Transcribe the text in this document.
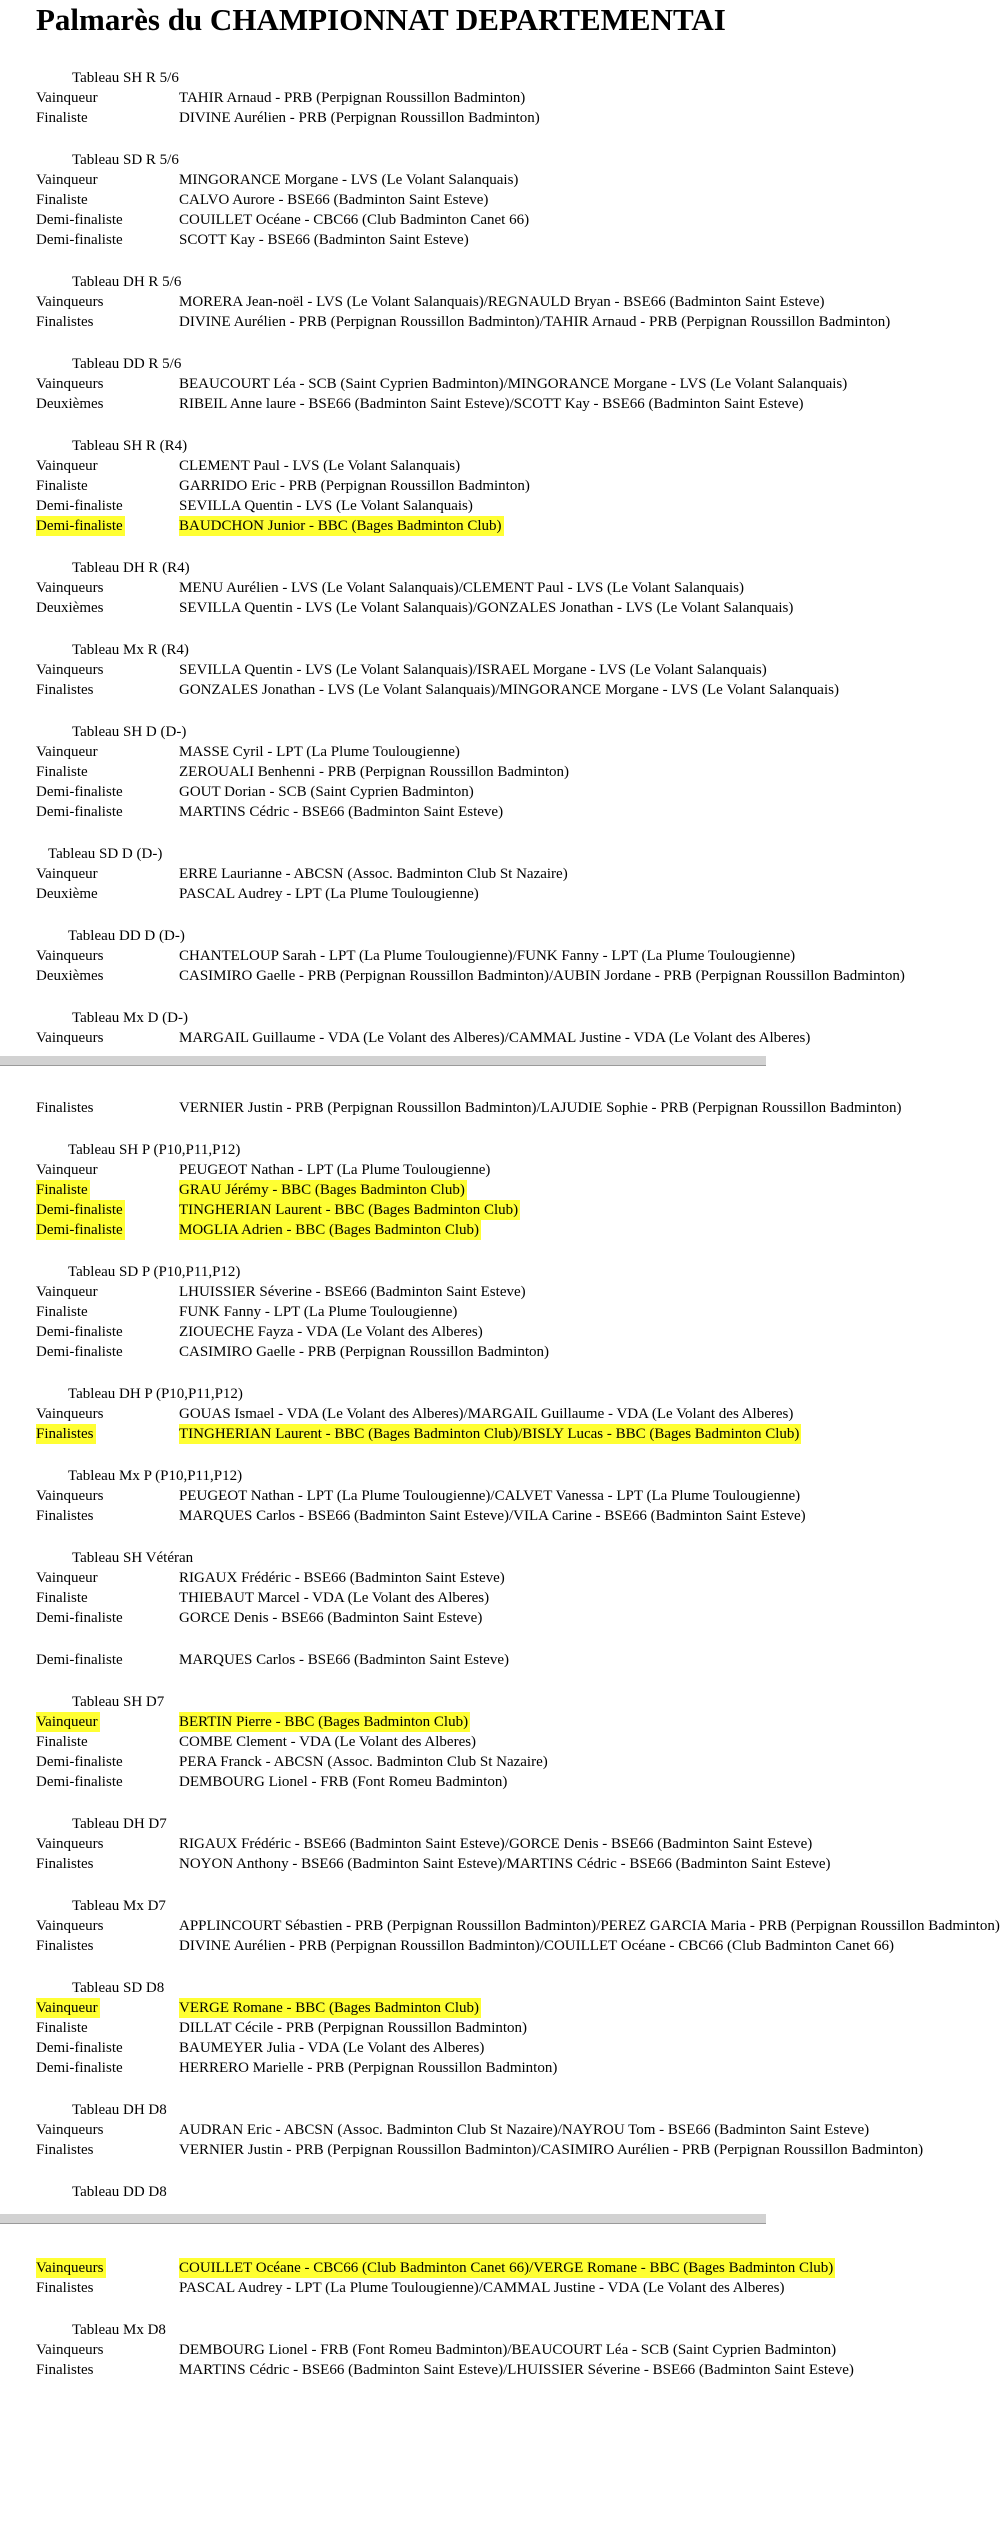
Palmarès du CHAMPIONNAT DEPARTEMENTAI
Tableau SH R 5/6
Vainqueur	TAHIR Arnaud - PRB (Perpignan Roussillon Badminton)
Finaliste	DIVINE Aurélien - PRB (Perpignan Roussillon Badminton)
Tableau SD R 5/6
Vainqueur	MINGORANCE Morgane - LVS (Le Volant Salanquais)
Finaliste	CALVO Aurore - BSE66 (Badminton Saint Esteve)
Demi-finaliste	COUILLET Océane - CBC66 (Club Badminton Canet 66)
Demi-finaliste	SCOTT Kay - BSE66 (Badminton Saint Esteve)
Tableau DH R 5/6
Vainqueurs	MORERA Jean-noël - LVS (Le Volant Salanquais)/REGNAULD Bryan - BSE66 (Badminton Saint Esteve)
Finalistes	DIVINE Aurélien - PRB (Perpignan Roussillon Badminton)/TAHIR Arnaud - PRB (Perpignan Roussillon Badminton)
Tableau DD R 5/6
Vainqueurs	BEAUCOURT Léa - SCB (Saint Cyprien Badminton)/MINGORANCE Morgane - LVS (Le Volant Salanquais)
Deuxièmes	RIBEIL Anne laure - BSE66 (Badminton Saint Esteve)/SCOTT Kay - BSE66 (Badminton Saint Esteve)
Tableau SH R (R4)
Vainqueur	CLEMENT Paul - LVS (Le Volant Salanquais)
Finaliste	GARRIDO Eric - PRB (Perpignan Roussillon Badminton)
Demi-finaliste	SEVILLA Quentin - LVS (Le Volant Salanquais)
Demi-finaliste	BAUDCHON Junior - BBC (Bages Badminton Club)
Tableau DH R (R4)
Vainqueurs	MENU Aurélien - LVS (Le Volant Salanquais)/CLEMENT Paul - LVS (Le Volant Salanquais)
Deuxièmes	SEVILLA Quentin - LVS (Le Volant Salanquais)/GONZALES Jonathan - LVS (Le Volant Salanquais)
Tableau Mx R (R4)
Vainqueurs	SEVILLA Quentin - LVS (Le Volant Salanquais)/ISRAEL Morgane - LVS (Le Volant Salanquais)
Finalistes	GONZALES Jonathan - LVS (Le Volant Salanquais)/MINGORANCE Morgane - LVS (Le Volant Salanquais)
Tableau SH D (D-)
Vainqueur	MASSE Cyril - LPT (La Plume Toulougienne)
Finaliste	ZEROUALI Benhenni - PRB (Perpignan Roussillon Badminton)
Demi-finaliste	GOUT Dorian - SCB (Saint Cyprien Badminton)
Demi-finaliste	MARTINS Cédric - BSE66 (Badminton Saint Esteve)
Tableau SD D (D-)
Vainqueur	ERRE Laurianne - ABCSN (Assoc. Badminton Club St Nazaire)
Deuxième	PASCAL Audrey - LPT (La Plume Toulougienne)
Tableau DD D (D-)
Vainqueurs	CHANTELOUP Sarah - LPT (La Plume Toulougienne)/FUNK Fanny - LPT (La Plume Toulougienne)
Deuxièmes	CASIMIRO Gaelle - PRB (Perpignan Roussillon Badminton)/AUBIN Jordane - PRB (Perpignan Roussillon Badminton)
Tableau Mx D (D-)
Vainqueurs	MARGAIL Guillaume - VDA (Le Volant des Alberes)/CAMMAL Justine - VDA (Le Volant des Alberes)
Finalistes	VERNIER Justin - PRB (Perpignan Roussillon Badminton)/LAJUDIE Sophie - PRB (Perpignan Roussillon Badminton)
Tableau SH P (P10,P11,P12)
Vainqueur	PEUGEOT Nathan - LPT (La Plume Toulougienne)
Finaliste	GRAU Jérémy - BBC (Bages Badminton Club)
Demi-finaliste	TINGHERIAN Laurent - BBC (Bages Badminton Club)
Demi-finaliste	MOGLIA Adrien - BBC (Bages Badminton Club)
Tableau SD P (P10,P11,P12)
Vainqueur	LHUISSIER Séverine - BSE66 (Badminton Saint Esteve)
Finaliste	FUNK Fanny - LPT (La Plume Toulougienne)
Demi-finaliste	ZIOUECHE Fayza - VDA (Le Volant des Alberes)
Demi-finaliste	CASIMIRO Gaelle - PRB (Perpignan Roussillon Badminton)
Tableau DH P (P10,P11,P12)
Vainqueurs	GOUAS Ismael - VDA (Le Volant des Alberes)/MARGAIL Guillaume - VDA (Le Volant des Alberes)
Finalistes	TINGHERIAN Laurent - BBC (Bages Badminton Club)/BISLY Lucas - BBC (Bages Badminton Club)
Tableau Mx P (P10,P11,P12)
Vainqueurs	PEUGEOT Nathan - LPT (La Plume Toulougienne)/CALVET Vanessa - LPT (La Plume Toulougienne)
Finalistes	MARQUES Carlos - BSE66 (Badminton Saint Esteve)/VILA Carine - BSE66 (Badminton Saint Esteve)
Tableau SH Vétéran
Vainqueur	RIGAUX Frédéric - BSE66 (Badminton Saint Esteve)
Finaliste	THIEBAUT Marcel - VDA (Le Volant des Alberes)
Demi-finaliste	GORCE Denis - BSE66 (Badminton Saint Esteve)
Demi-finaliste	MARQUES Carlos - BSE66 (Badminton Saint Esteve)
Tableau SH D7
Vainqueur	BERTIN Pierre - BBC (Bages Badminton Club)
Finaliste	COMBE Clement - VDA (Le Volant des Alberes)
Demi-finaliste	PERA Franck - ABCSN (Assoc. Badminton Club St Nazaire)
Demi-finaliste	DEMBOURG Lionel - FRB (Font Romeu Badminton)
Tableau DH D7
Vainqueurs	RIGAUX Frédéric - BSE66 (Badminton Saint Esteve)/GORCE Denis - BSE66 (Badminton Saint Esteve)
Finalistes	NOYON Anthony - BSE66 (Badminton Saint Esteve)/MARTINS Cédric - BSE66 (Badminton Saint Esteve)
Tableau Mx D7
Vainqueurs	APPLINCOURT Sébastien - PRB (Perpignan Roussillon Badminton)/PEREZ GARCIA Maria - PRB (Perpignan Roussillon Badminton)
Finalistes	DIVINE Aurélien - PRB (Perpignan Roussillon Badminton)/COUILLET Océane - CBC66 (Club Badminton Canet 66)
Tableau SD D8
Vainqueur	VERGE Romane - BBC (Bages Badminton Club)
Finaliste	DILLAT Cécile - PRB (Perpignan Roussillon Badminton)
Demi-finaliste	BAUMEYER Julia - VDA (Le Volant des Alberes)
Demi-finaliste	HERRERO Marielle - PRB (Perpignan Roussillon Badminton)
Tableau DH D8
Vainqueurs	AUDRAN Eric - ABCSN (Assoc. Badminton Club St Nazaire)/NAYROU Tom - BSE66 (Badminton Saint Esteve)
Finalistes	VERNIER Justin - PRB (Perpignan Roussillon Badminton)/CASIMIRO Aurélien - PRB (Perpignan Roussillon Badminton)
Tableau DD D8
Vainqueurs	COUILLET Océane - CBC66 (Club Badminton Canet 66)/VERGE Romane - BBC (Bages Badminton Club)
Finalistes	PASCAL Audrey - LPT (La Plume Toulougienne)/CAMMAL Justine - VDA (Le Volant des Alberes)
Tableau Mx D8
Vainqueurs	DEMBOURG Lionel - FRB (Font Romeu Badminton)/BEAUCOURT Léa - SCB (Saint Cyprien Badminton)
Finalistes	MARTINS Cédric - BSE66 (Badminton Saint Esteve)/LHUISSIER Séverine - BSE66 (Badminton Saint Esteve)
